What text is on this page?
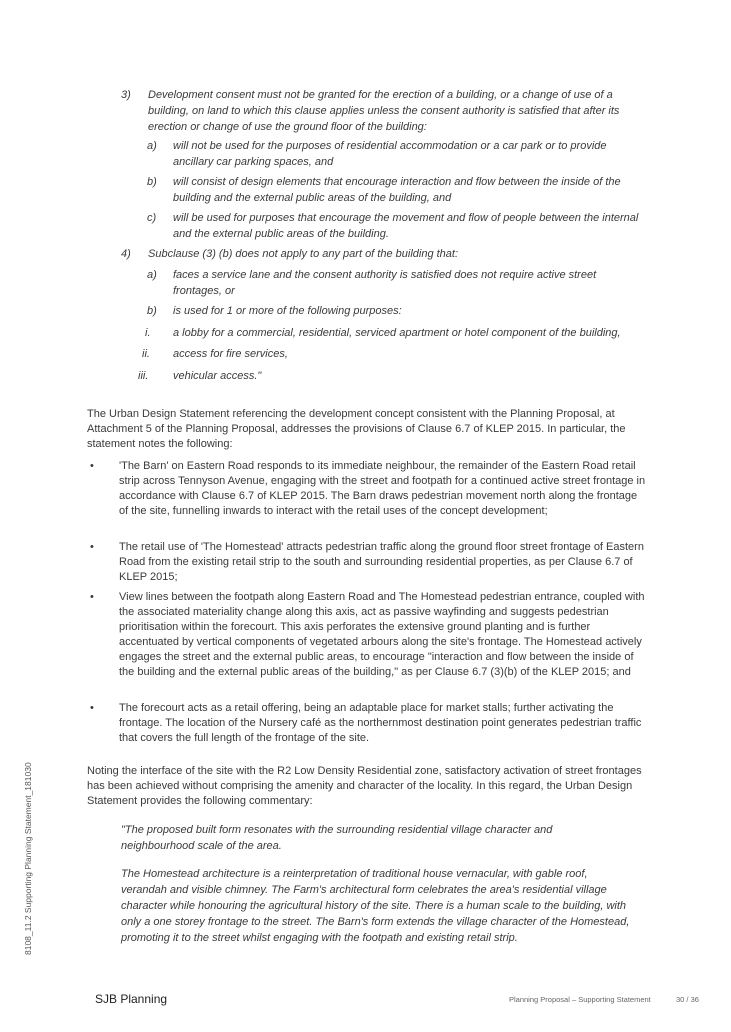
3) Development consent must not be granted for the erection of a building, or a change of use of a building, on land to which this clause applies unless the consent authority is satisfied that after its erection or change of use the ground floor of the building:
a) will not be used for the purposes of residential accommodation or a car park or to provide ancillary car parking spaces, and
b) will consist of design elements that encourage interaction and flow between the inside of the building and the external public areas of the building, and
c) will be used for purposes that encourage the movement and flow of people between the internal and the external public areas of the building.
4) Subclause (3) (b) does not apply to any part of the building that:
a) faces a service lane and the consent authority is satisfied does not require active street frontages, or
b) is used for 1 or more of the following purposes:
i. a lobby for a commercial, residential, serviced apartment or hotel component of the building,
ii. access for fire services,
iii. vehicular access."

The Urban Design Statement referencing the development concept consistent with the Planning Proposal, at Attachment 5 of the Planning Proposal, addresses the provisions of Clause 6.7 of KLEP 2015. In particular, the statement notes the following:

• 'The Barn' on Eastern Road responds to its immediate neighbour, the remainder of the Eastern Road retail strip across Tennyson Avenue, engaging with the street and footpath for a continued active street frontage in accordance with Clause 6.7 of KLEP 2015. The Barn draws pedestrian movement north along the frontage of the site, funnelling inwards to interact with the retail uses of the concept development;
• The retail use of 'The Homestead' attracts pedestrian traffic along the ground floor street frontage of Eastern Road from the existing retail strip to the south and surrounding residential properties, as per Clause 6.7 of KLEP 2015;
• View lines between the footpath along Eastern Road and The Homestead pedestrian entrance, coupled with the associated materiality change along this axis, act as passive wayfinding and suggests pedestrian prioritisation within the forecourt. This axis perforates the extensive ground planting and is further accentuated by vertical components of vegetated arbours along the site's frontage. The Homestead actively engages the street and the external public areas, to encourage "interaction and flow between the inside of the building and the external public areas of the building," as per Clause 6.7 (3)(b) of the KLEP 2015; and
• The forecourt acts as a retail offering, being an adaptable place for market stalls; further activating the frontage. The location of the Nursery café as the northernmost destination point generates pedestrian traffic that covers the full length of the frontage of the site.

Noting the interface of the site with the R2 Low Density Residential zone, satisfactory activation of street frontages has been achieved without comprising the amenity and character of the locality. In this regard, the Urban Design Statement provides the following commentary:

"The proposed built form resonates with the surrounding residential village character and neighbourhood scale of the area.

The Homestead architecture is a reinterpretation of traditional house vernacular, with gable roof, verandah and visible chimney. The Farm's architectural form celebrates the area's residential village character while honouring the agricultural history of the site. There is a human scale to the building, with only a one storey frontage to the street. The Barn's form extends the village character of the Homestead, promoting it to the street whilst engaging with the footpath and existing retail strip.

8108_11.2 Supporting Planning Statement_181030
SJB Planning	Planning Proposal – Supporting Statement	30 / 36
